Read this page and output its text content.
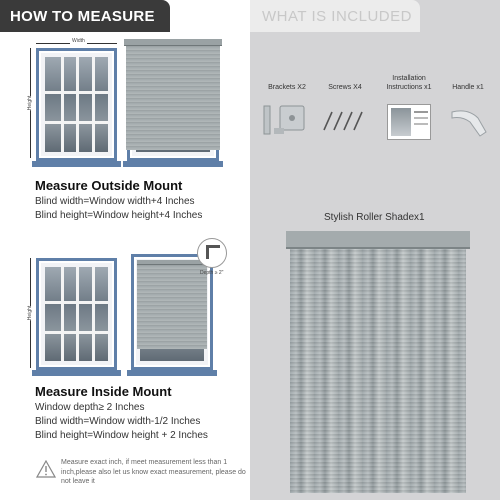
HOW TO MEASURE	WHAT IS INCLUDED
Width
Height
Measure Outside Mount
Blind width=Window width+4 Inches
Blind height=Window height+4 Inches
Height
Depth ≥ 2"
Measure Inside Mount
Window depth≥ 2 Inches
Blind width=Window width-1/2 Inches
Blind height=Window height + 2 Inches
Measure exact inch, if meet measurement less than 1 inch,please also let us know exact measurement, please do not leave it
Brackets X2	Screws X4
Installation Instructions x1	Handle x1
Stylish Roller Shadex1
